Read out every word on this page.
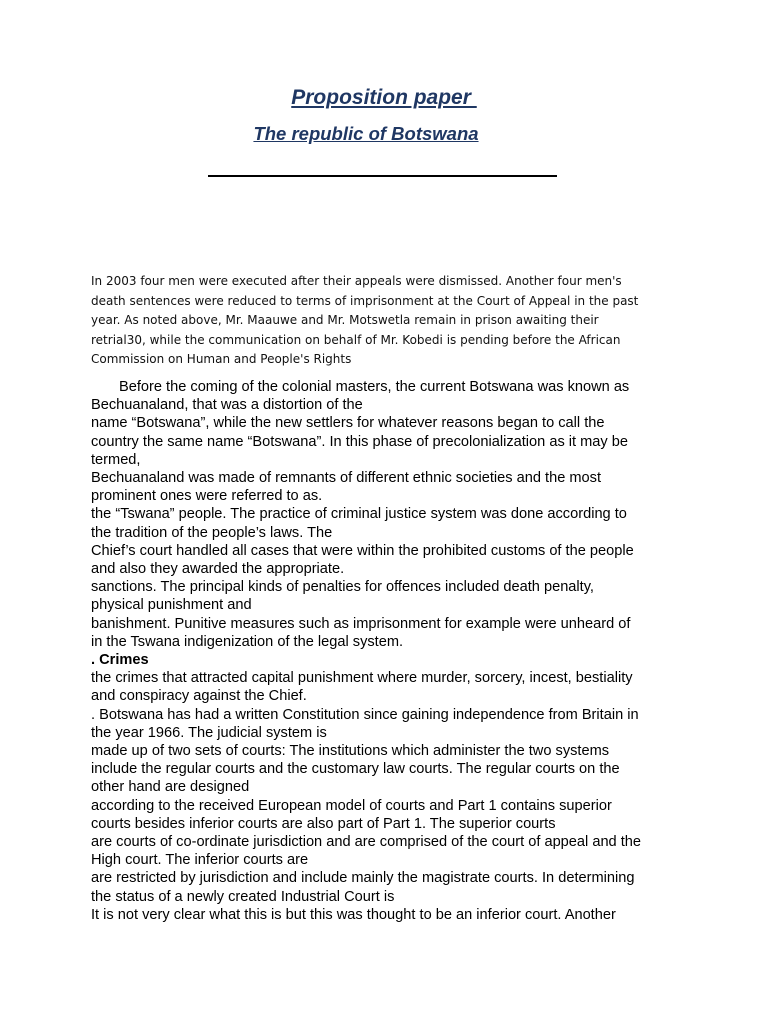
Proposition paper
The republic of Botswana
In 2003 four men were executed after their appeals were dismissed. Another four men's
death sentences were reduced to terms of imprisonment at the Court of Appeal in the past
year. As noted above, Mr. Maauwe and Mr. Motswetla remain in prison awaiting their
retrial30, while the communication on behalf of Mr. Kobedi is pending before the African
Commission on Human and People's Rights
Before the coming of the colonial masters, the current Botswana was known as
Bechuanaland, that was a distortion of the
name “Botswana”, while the new settlers for whatever reasons began to call the
country the same name “Botswana”. In this phase of precolonialization as it may be
termed,
Bechuanaland was made of remnants of different ethnic societies and the most
prominent ones were referred to as.
the “Tswana” people. The practice of criminal justice system was done according to
the tradition of the people’s laws. The
Chief’s court handled all cases that were within the prohibited customs of the people
and also they awarded the appropriate.
sanctions. The principal kinds of penalties for offences included death penalty,
physical punishment and
banishment. Punitive measures such as imprisonment for example were unheard of
in the Tswana indigenization of the legal system.
. Crimes
the crimes that attracted capital punishment where murder, sorcery, incest, bestiality
and conspiracy against the Chief.
. Botswana has had a written Constitution since gaining independence from Britain in
the year 1966. The judicial system is
made up of two sets of courts: The institutions which administer the two systems
include the regular courts and the customary law courts. The regular courts on the
other hand are designed
according to the received European model of courts and Part 1 contains superior
courts besides inferior courts are also part of Part 1. The superior courts
are courts of co-ordinate jurisdiction and are comprised of the court of appeal and the
High court. The inferior courts are
are restricted by jurisdiction and include mainly the magistrate courts. In determining
the status of a newly created Industrial Court is
It is not very clear what this is but this was thought to be an inferior court. Another
